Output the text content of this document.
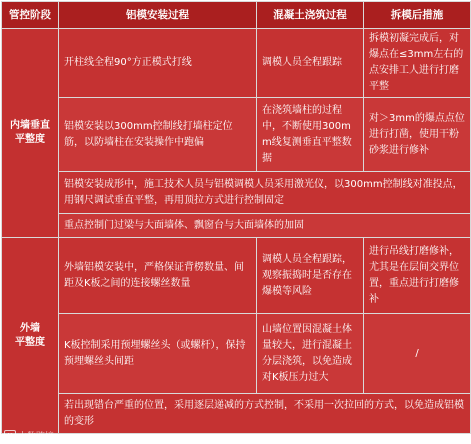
管控阶段	铝模安装过程	混凝土浇筑过程	拆模后措施

内墙垂直
平整度	开柱线全程90°方正模式打线	调模人员全程跟踪	拆模初凝完成后，对爆点在≤3mm左右的点安排工人进行打磨平整
	铝模安装以300mm控制线打墙柱定位筋，以防墙柱在安装操作中跑偏	在浇筑墙柱的过程中，不断使用300mm线复测垂直平整数据	对＞3mm的爆点点位进行打凿，使用干粉砂浆进行修补
	铝模安装成形中，施工技术人员与铝模调模人员采用激光仪，以300mm控制线对准投点，用钢尺调试垂直平整，再用顶拉方式进行控制固定		
	重点控制门过梁与大面墙体、飘窗台与大面墙体的加固		

外墙
平整度	外墙铝模安装中，严格保证背楞数量、间距及K板之间的连接螺丝数量	调模人员全程跟踪，观察振捣时是否存在爆模等风险	进行吊线打磨修补，尤其是在层间交界位置，重点进行打磨修补
	K板控制采用预埋螺丝头（或螺杆），保持预埋螺丝头间距	山墙位置因混凝土体量较大，进行混凝土分层浇筑，以免造成对K板压力过大	/
	若出现错台严重的位置，采用逐层递减的方式控制，不采用一次拉回的方式，以免造成铝模的变形		
K 大数跨境
